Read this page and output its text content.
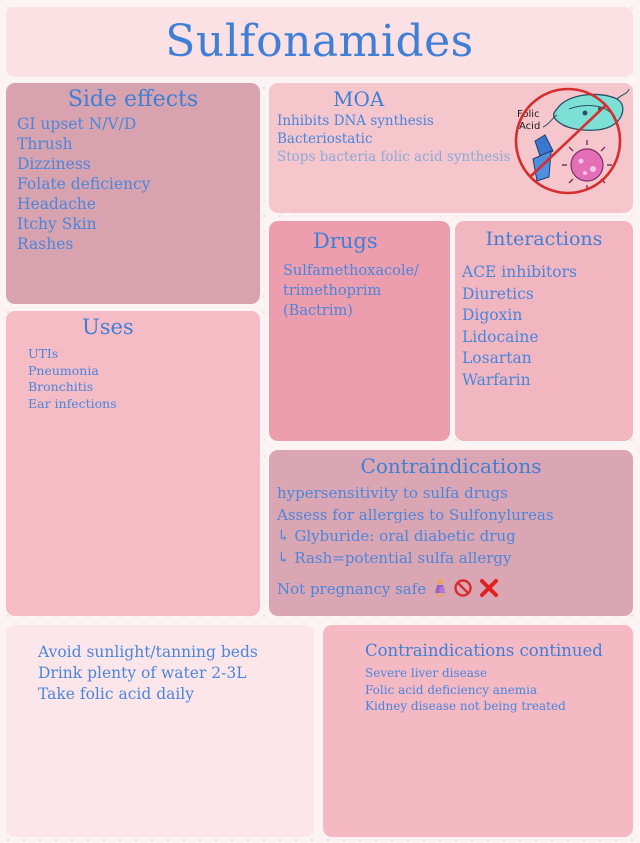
Sulfonamides
Side effects
GI upset N/V/D
Thrush
Dizziness
Folate deficiency
Headache
Itchy Skin
Rashes
MOA
Inhibits DNA synthesis
Bacteriostatic
Stops bacteria folic acid synthesis
Folic
Acid
Uses
UTIs
Pneumonia
Bronchitis
Ear infections
Drugs
Sulfamethoxacole/
trimethoprim
(Bactrim)
Interactions
ACE inhibitors
Diuretics
Digoxin
Lidocaine
Losartan
Warfarin
Contraindications
hypersensitivity to sulfa drugs
Assess for allergies to Sulfonylureas
↳ Glyburide: oral diabetic drug
↳ Rash=potential sulfa allergy
Not pregnancy safe
Avoid sunlight/tanning beds
Drink plenty of water 2-3L
Take folic acid daily
Contraindications continued
Severe liver disease
Folic acid deficiency anemia
Kidney disease not being treated
